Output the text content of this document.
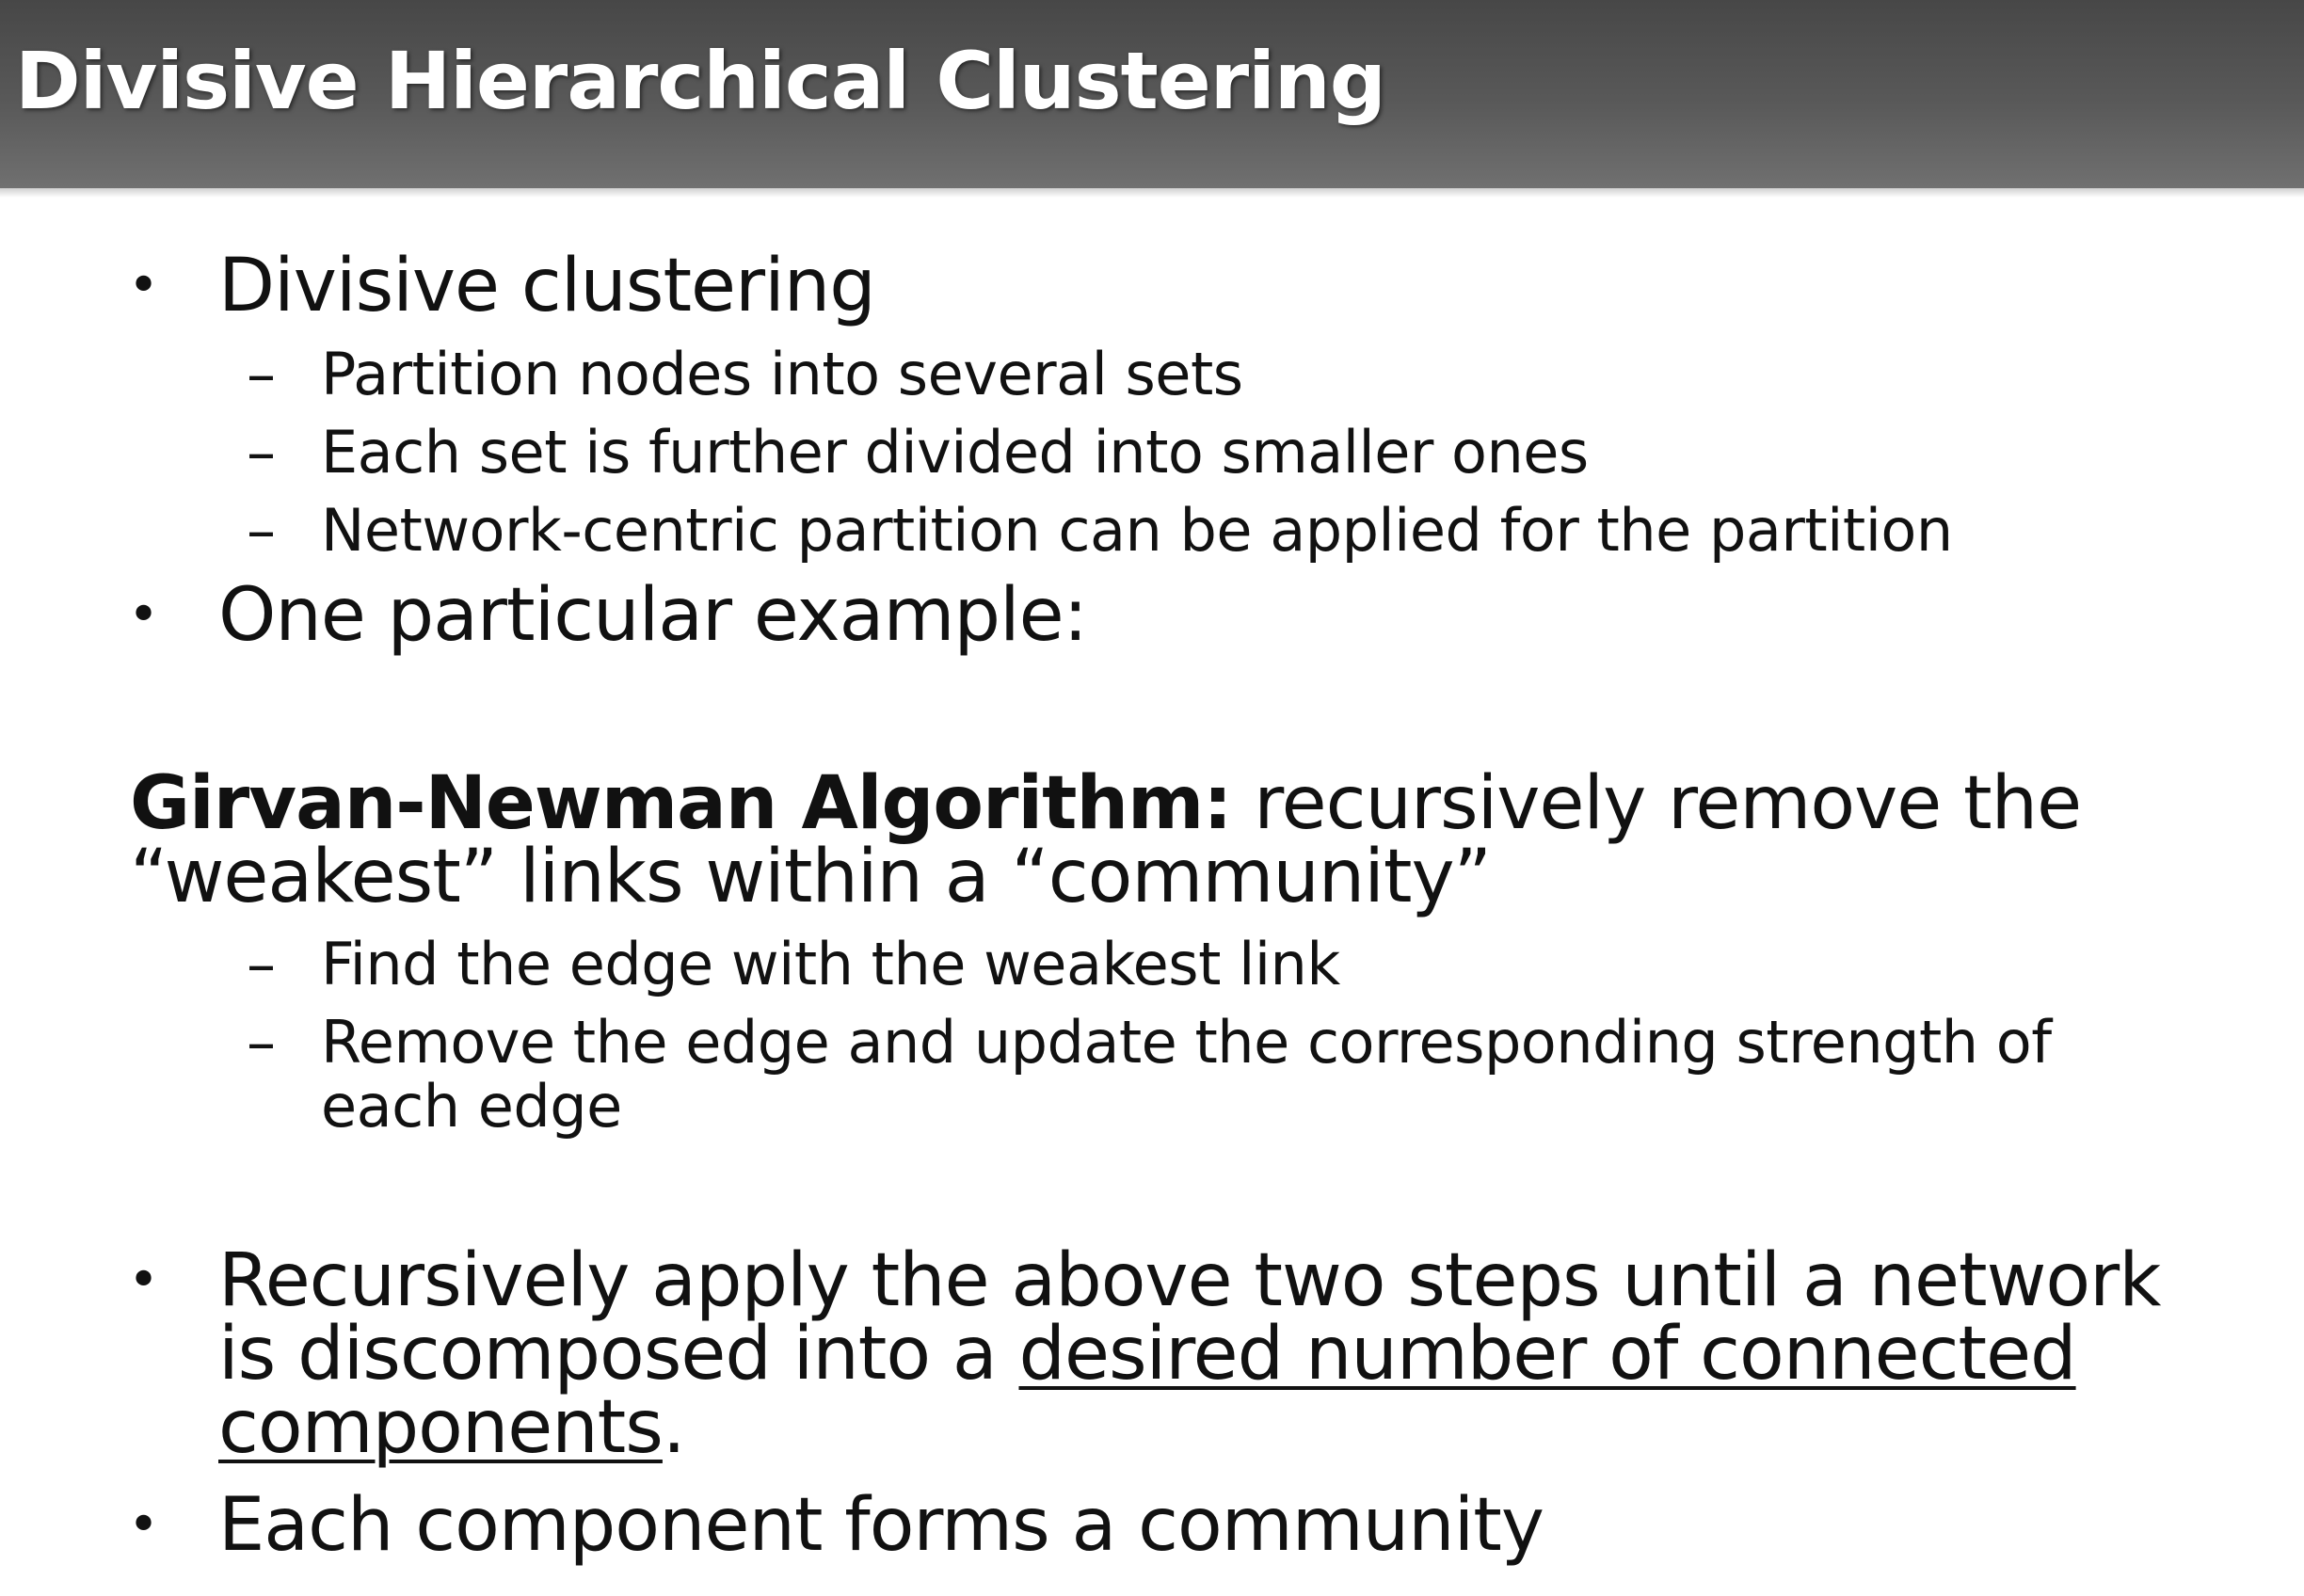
Divisive Hierarchical Clustering
• Divisive clustering
– Partition nodes into several sets
– Each set is further divided into smaller ones
– Network-centric partition can be applied for the partition
• One particular example:

Girvan-Newman Algorithm: recursively remove the “weakest” links within a “community”

– Find the edge with the weakest link
– Remove the edge and update the corresponding strength of each edge
• Recursively apply the above two steps until a network is discomposed into a desired number of connected components.
• Each component forms a community
